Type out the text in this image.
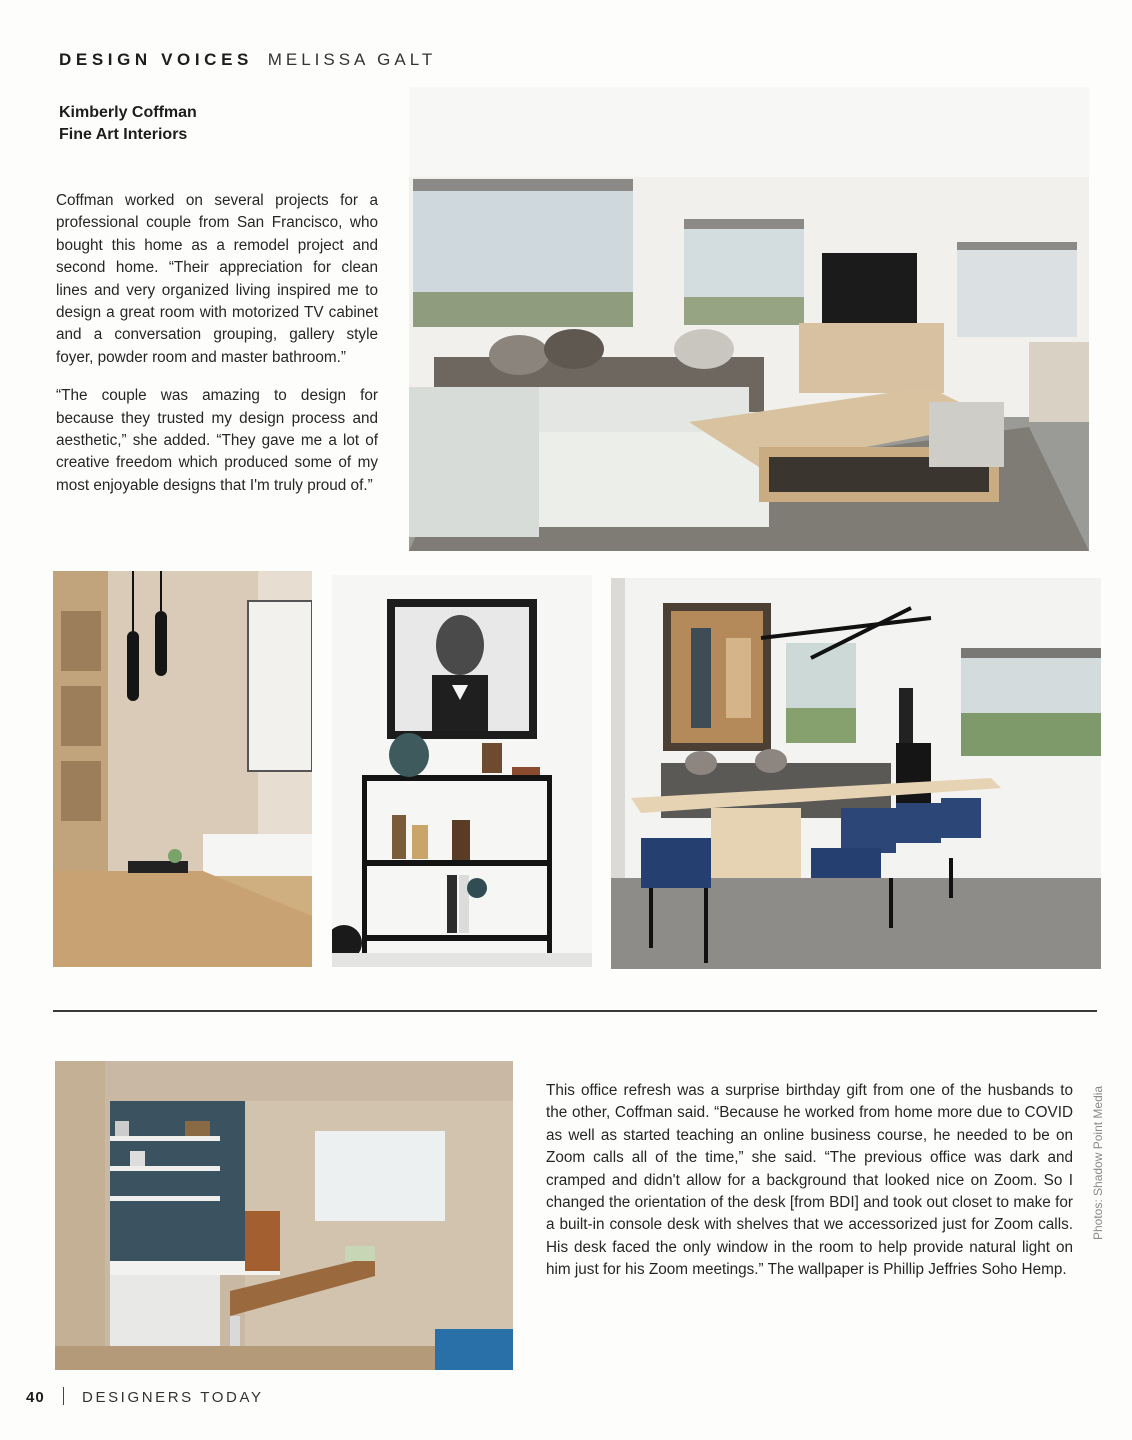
DESIGN VOICES MELISSA GALT
Kimberly Coffman
Fine Art Interiors

Coffman worked on several projects for a professional couple from San Francisco, who bought this home as a remodel project and second home. “Their appreciation for clean lines and very organized living inspired me to design a great room with motorized TV cabinet and a conversation grouping, gallery style foyer, powder room and master bathroom.”

“The couple was amazing to design for because they trusted my design process and aesthetic,” she added. “They gave me a lot of creative freedom which produced some of my most enjoyable designs that I'm truly proud of.”

This office refresh was a surprise birthday gift from one of the husbands to the other, Coffman said. “Because he worked from home more due to COVID as well as started teaching an online business course, he needed to be on Zoom calls all of the time,” she said. “The previous office was dark and cramped and didn't allow for a background that looked nice on Zoom. So I changed the orientation of the desk [from BDI] and took out closet to make for a built-in console desk with shelves that we accessorized just for Zoom calls. His desk faced the only window in the room to help provide natural light on him just for his Zoom meetings.” The wallpaper is Phillip Jeffries Soho Hemp.

Photos: Shadow Point Media
40 DESIGNERS TODAY
